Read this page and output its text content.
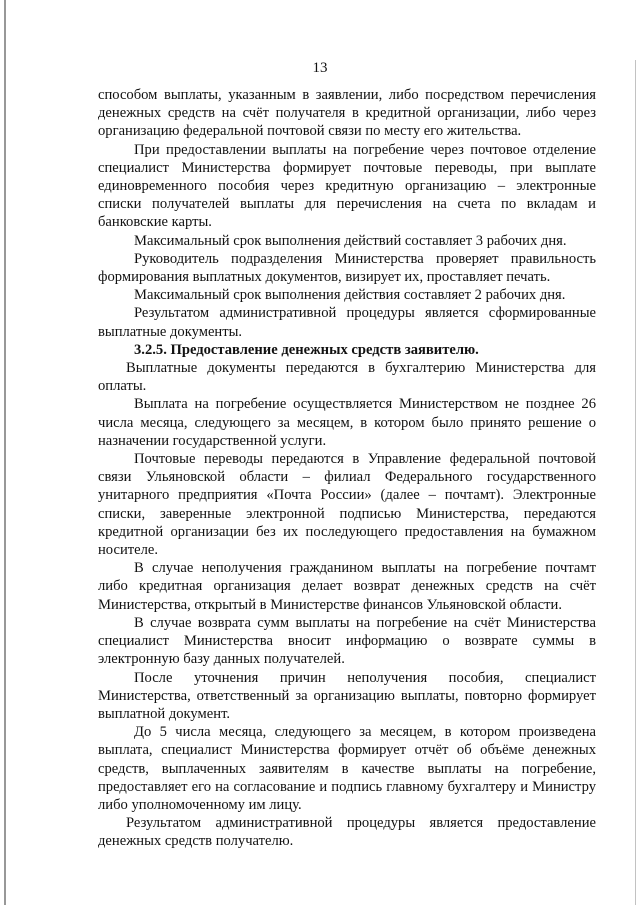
13

способом выплаты, указанным в заявлении, либо посредством перечисления денежных средств на счёт получателя в кредитной организации, либо через организацию федеральной почтовой связи по месту его жительства.

При предоставлении выплаты на погребение через почтовое отделение специалист Министерства формирует почтовые переводы, при выплате единовременного пособия через кредитную организацию – электронные списки получателей выплаты для перечисления на счета по вкладам и банковские карты.

Максимальный срок выполнения действий составляет 3 рабочих дня.

Руководитель подразделения Министерства проверяет правильность формирования выплатных документов, визирует их, проставляет печать.

Максимальный срок выполнения действия составляет 2 рабочих дня.

Результатом административной процедуры является сформированные выплатные документы.

3.2.5. Предоставление денежных средств заявителю.

Выплатные документы передаются в бухгалтерию Министерства для оплаты.

Выплата на погребение осуществляется Министерством не позднее 26 числа месяца, следующего за месяцем, в котором было принято решение о назначении государственной услуги.

Почтовые переводы передаются в Управление федеральной почтовой связи Ульяновской области – филиал Федерального государственного унитарного предприятия «Почта России» (далее – почтамт). Электронные списки, заверенные электронной подписью Министерства, передаются кредитной организации без их последующего предоставления на бумажном носителе.

В случае неполучения гражданином выплаты на погребение почтамт либо кредитная организация делает возврат денежных средств на счёт Министерства, открытый в Министерстве финансов Ульяновской области.

В случае возврата сумм выплаты на погребение на счёт Министерства специалист Министерства вносит информацию о возврате суммы в электронную базу данных получателей.

После уточнения причин неполучения пособия, специалист Министерства, ответственный за организацию выплаты, повторно формирует выплатной документ.

До 5 числа месяца, следующего за месяцем, в котором произведена выплата, специалист Министерства формирует отчёт об объёме денежных средств, выплаченных заявителям в качестве выплаты на погребение, предоставляет его на согласование и подпись главному бухгалтеру и Министру либо уполномоченному им лицу.

Результатом административной процедуры является предоставление денежных средств получателю.
